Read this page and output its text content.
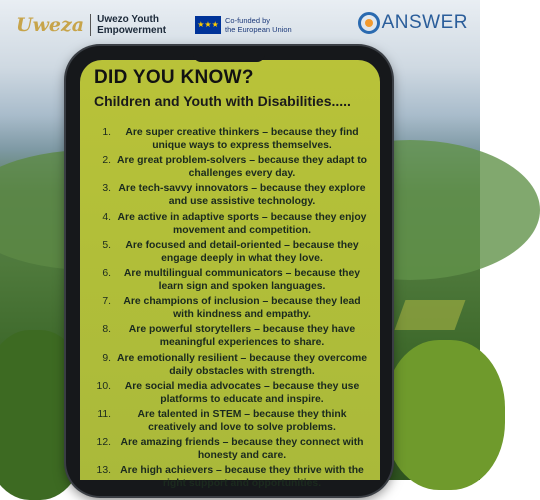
Uweza Uwezo Youth
Empowerment
★★★ Co-funded by
the European Union	ANSWER
DID YOU KNOW?
Children and Youth with Disabilities.....
1.	Are super creative thinkers – because they find unique ways to express themselves.
2. Are great problem-solvers – because they adapt to challenges every day.
3. Are tech-savvy innovators – because they explore and use assistive technology.
4. Are active in adaptive sports – because they enjoy movement and competition.
5.	Are focused and detail-oriented – because they engage deeply in what they love.
6.	Are multilingual communicators – because they learn sign and spoken languages.
7.	Are champions of inclusion – because they lead with kindness and empathy.
8.	Are powerful storytellers – because they have meaningful experiences to share.
9. Are emotionally resilient – because they overcome daily obstacles with strength.
10.	Are social media advocates – because they use platforms to educate and inspire.
11.	Are talented in STEM – because they think creatively and love to solve problems.
12. Are amazing friends – because they connect with honesty and care.
13. Are high achievers – because they thrive with the right support and opportunities.
